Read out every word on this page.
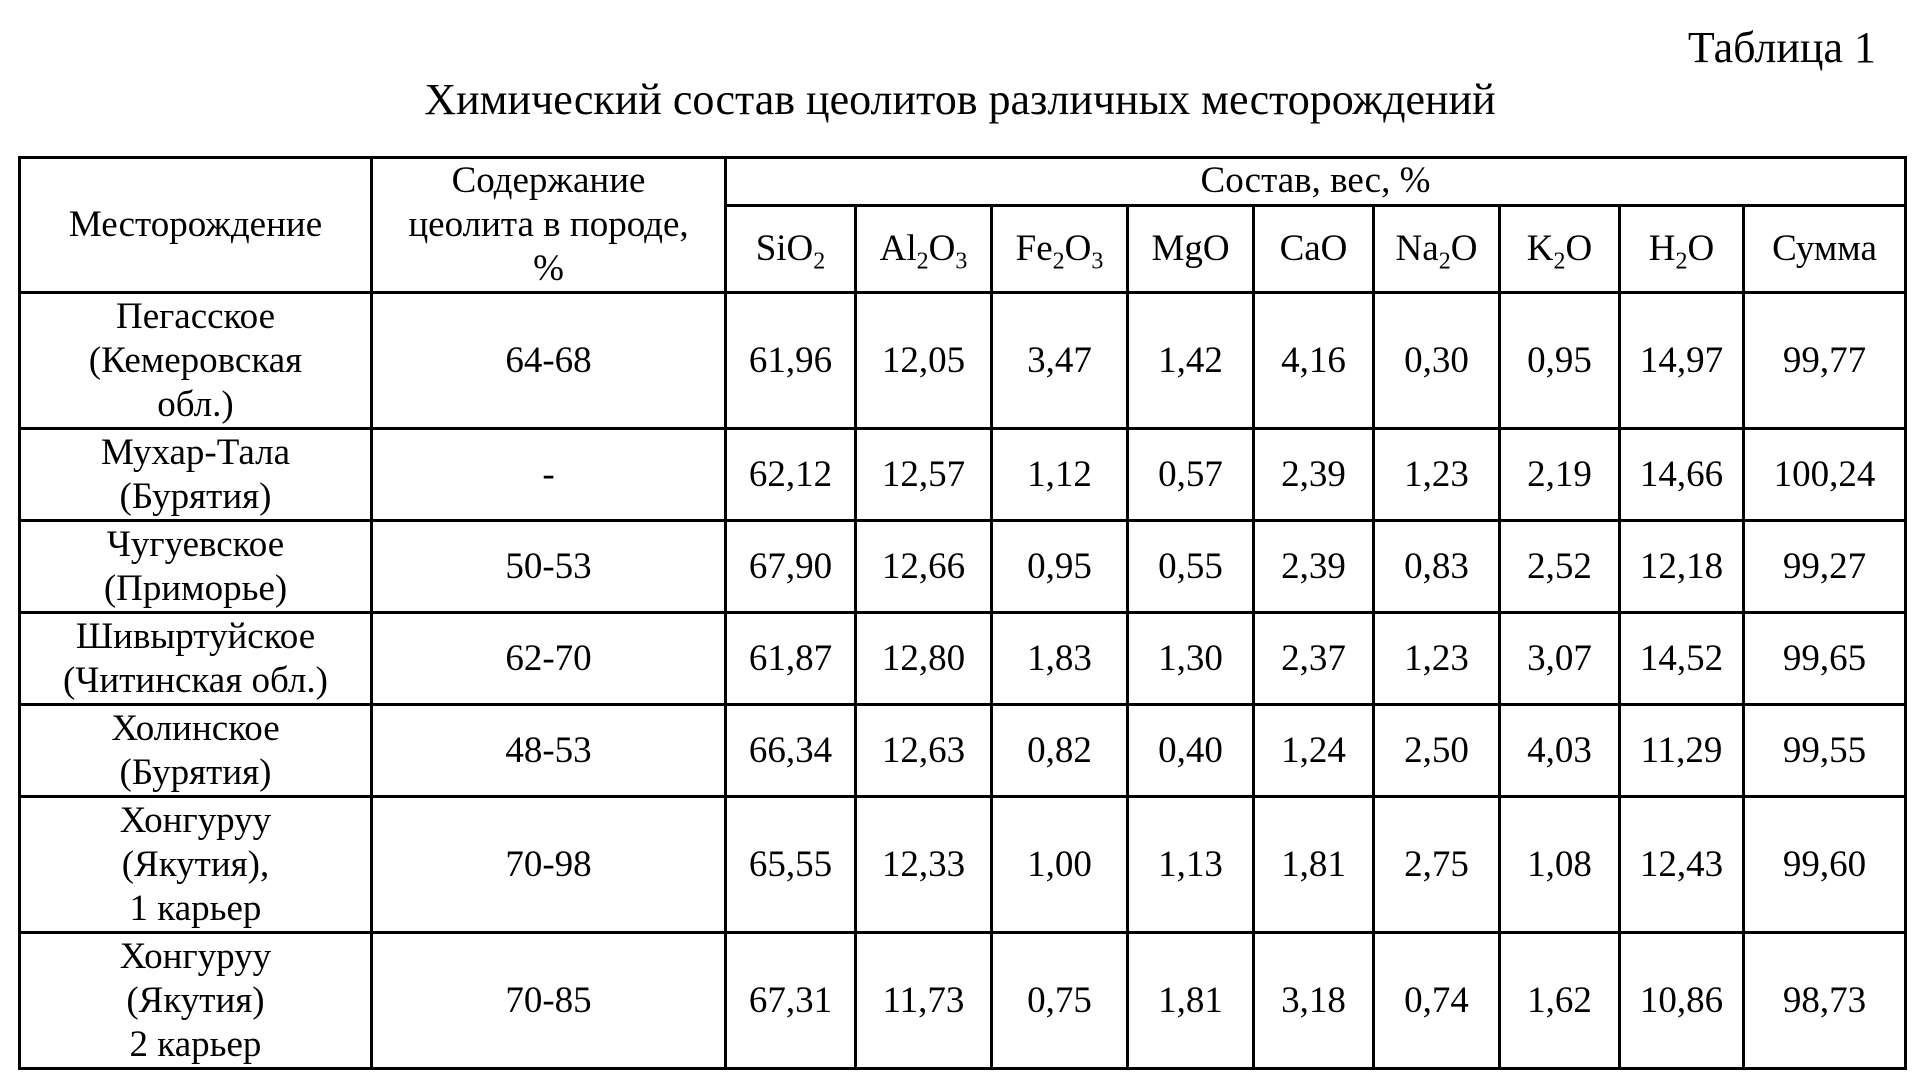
Таблица 1
Химический состав цеолитов различных месторождений
Месторождение	Содержание
цеолита в породе,
%	Состав, вес, %								
		SiO$_2$	$Al_2O_3$	$Fe_2O_3$	MgO	CaO	$Na_2O$	$K_2O$	$H_2O$	Сумма

Пегасское
(Кемеровская
обл.)	64-68	61,96	12,05	3,47	1,42	4,16	0,30	0,95	14,97	99,77

Мухар-Тала
(Бурятия)	-	62,12	12,57	1,12	0,57	2,39	1,23	2,19	14,66	100,24

Чугуевское
(Приморье)	50-53	67,90	12,66	0,95	0,55	2,39	0,83	2,52	12,18	99,27

Шивыртуйское
(Читинская обл.)	62-70	61,87	12,80	1,83	1,30	2,37	1,23	3,07	14,52	99,65

Холинское
(Бурятия)	48-53	66,34	12,63	0,82	0,40	1,24	2,50	4,03	11,29	99,55

Хонгуруу
(Якутия),
1 карьер	70-98	65,55	12,33	1,00	1,13	1,81	2,75	1,08	12,43	99,60

Хонгуруу
(Якутия)
2 карьер	70-85	67,31	11,73	0,75	1,81	3,18	0,74	1,62	10,86	98,73
